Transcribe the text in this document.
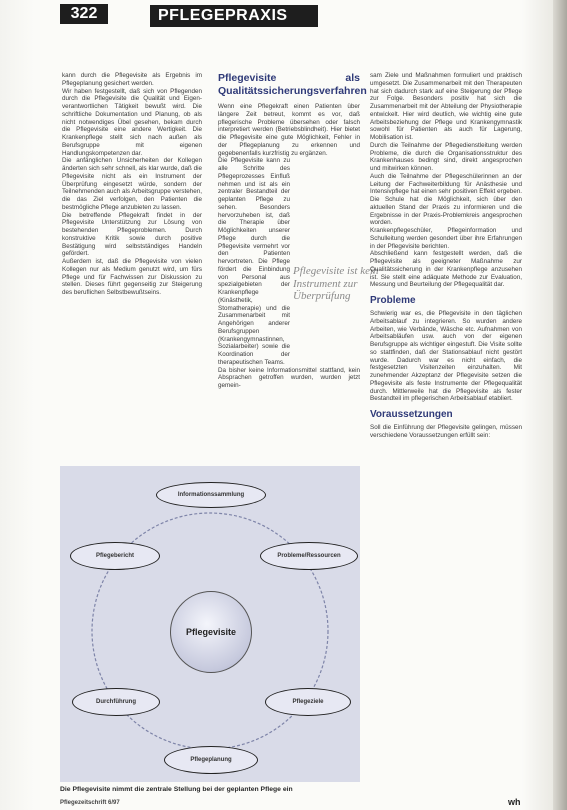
322	PFLEGEPRAXIS

kann durch die Pflegevisite als Ergebnis im Pflegeplanung gesichert werden.

Wir haben festgestellt, daß sich von Pflegenden durch die Pflegevisite die Qualität und Eigen-verantwortlichen Tätigkeit bewußt wird. Die schriftliche Dokumentation und Planung, ob als nicht notwendiges Übel gesehen, bekam durch die Pflegevisite eine andere Wertigkeit. Die Krankenpflege stellt sich nach außen als Berufsgruppe mit eigenen Handlungskompetenzen dar.

Die anfänglichen Unsicherheiten der Kollegen änderten sich sehr schnell, als klar wurde, daß die Pflegevisite nicht als ein Instrument der Überprüfung eingesetzt würde, sondern der Teilnehmenden auch als Arbeitsgruppe verstehen, die das Ziel verfolgen, den Patienten die bestmögliche Pflege anzubieten zu lassen.

Die betreffende Pflegekraft findet in der Pflegevisite Unterstützung zur Lösung von bestehenden Pflegeproblemen. Durch konstruktive Kritik sowie durch positive Bestätigung wird selbstständiges Handeln gefördert.

Außerdem ist, daß die Pflegevisite von vielen Kollegen nur als Medium genutzt wird, um fürs Pflege und für Fachwissen zur Diskussion zu stellen. Dieses führt gegenseitig zur Steigerung des beruflichen Selbstbewußtseins.

Pflegevisite als Qualitätssicherungsverfahren

Wenn eine Pflegekraft einen Patienten über längere Zeit betreut, kommt es vor, daß pflegerische Probleme übersehen oder falsch interpretiert werden (Betriebsblindheit). Hier bietet die Pflegevisite eine gute Möglichkeit, Fehler in der Pflegeplanung zu erkennen und gegebenenfalls kurzfristig zu ergänzen.

Die Pflegevisite kann zu alle Schritte des Pflegeprozesses Einfluß nehmen und ist als ein zentraler Bestandteil der geplanten Pflege zu sehen. Besonders hervorzuheben ist, daß die Therapie über Möglichkeiten unserer Pflege durch die Pflegevisite vermehrt vor den Patienten hervortreten. Die Pflege fördert die Einbindung von Personal aus spezialgebieten der Krankenpflege (Kinästhetik, Stomatherapie) und die Zusammenarbeit mit Angehörigen anderer Berufsgruppen (Krankengymnastinnen, Sozialarbeiter) sowie die Koordination der therapeutischen Teams.

Da bisher keine Informationsmittel stattfand, kein Absprachen getroffen wurden, wurden jetzt gemein-

Pflegevisite ist kein Instrument zur Überprüfung

sam Ziele und Maßnahmen formuliert und praktisch umgesetzt. Die Zusammenarbeit mit den Therapeuten hat sich dadurch stark auf eine Steigerung der Pflege zur Folge. Besonders positiv hat sich die Zusammenarbeit mit der Abteilung der Physiotherapie entwickelt. Hier wird deutlich, wie wichtig eine gute Arbeitsbeziehung der Pflege und Krankengymnastik sowohl für Patienten als auch für Lagerung, Mobilisation ist.

Durch die Teilnahme der Pflegedienstleitung werden Probleme, die durch die Organisationsstruktur des Krankenhauses bedingt sind, direkt angesprochen und mitwirken können.

Auch die Teilnahme der Pflegeschülerinnen an der Leitung der Fachweiterbildung für Anästhesie und Intensivpflege hat einen sehr positiven Effekt ergeben. Die Schule hat die Möglichkeit, sich über den aktuellen Stand der Praxis zu informieren und die Ergebnisse in der Praxis-Problemkreis angesprochen worden.

Krankenpflegeschüler, Pflegeinformation und Schulleitung werden gesondert über ihre Erfahrungen in der Pflegevisite berichten.

Abschließend kann festgestellt werden, daß die Pflegevisite als geeigneter Maßnahme zur Qualitätssicherung in der Krankenpflege anzusehen ist. Sie stellt eine adäquate Methode zur Evaluation, Messung und Beurteilung der Pflegequalität dar.

Probleme

Schwierig war es, die Pflegevisite in den täglichen Arbeitsablauf zu integrieren. So wurden andere Arbeiten, wie Verbände, Wäsche etc. Aufnahmen von Arbeitsabläufen usw. auch von der eigenen Berufsgruppe als wichtiger eingestuft. Die Visite sollte so stattfinden, daß der Stationsablauf nicht gestört wurde. Dadurch war es nicht einfach, die festgesetzten Visitenzeiten einzuhalten. Mit zunehmender Akzeptanz der Pflegevisite setzen die Pflegevisite als feste Instrumente der Pflegequalität durch. Mittlerweile hat die Pflegevisite als fester Bestandteil im pflegerischen Arbeitsablauf etabliert.

Voraussetzungen

Soll die Einführung der Pflegevisite gelingen, müssen verschiedene Voraussetzungen erfüllt sein:

Informationssammlung
Pflegebericht	Probleme/Ressourcen
Pflegevisite
Durchführung	Pflegeziele
Pflegeplanung
Die Pflegevisite nimmt die zentrale Stellung bei der geplanten Pflege ein
Pflegezeitschrift 6/97	wh
